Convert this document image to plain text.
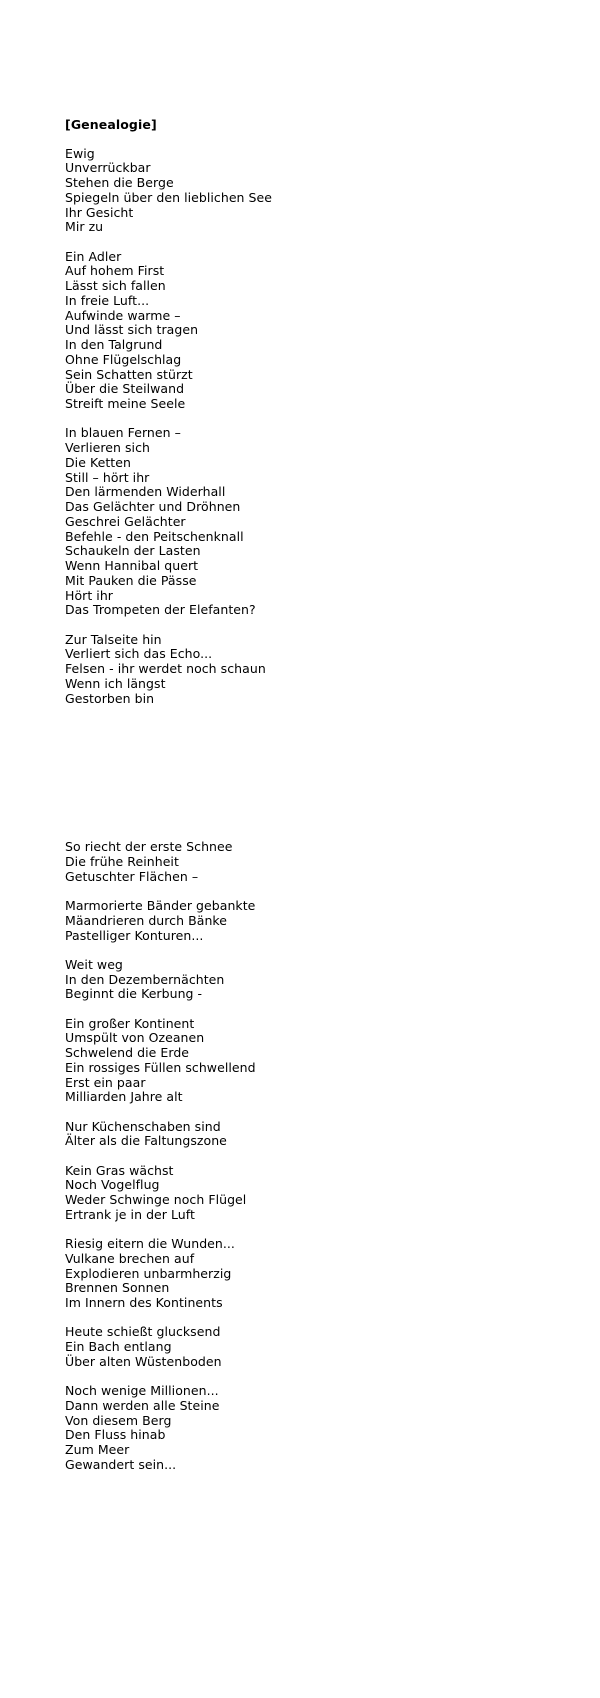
[Genealogie]
Ewig
Unverrückbar
Stehen die Berge
Spiegeln über den lieblichen See
Ihr Gesicht
Mir zu
Ein Adler
Auf hohem First
Lässt sich fallen
In freie Luft...
Aufwinde warme –
Und lässt sich tragen
In den Talgrund
Ohne Flügelschlag
Sein Schatten stürzt
Über die Steilwand
Streift meine Seele
In blauen Fernen –
Verlieren sich
Die Ketten
Still – hört ihr
Den lärmenden Widerhall
Das Gelächter und Dröhnen
Geschrei Gelächter
Befehle - den Peitschenknall
Schaukeln der Lasten
Wenn Hannibal quert
Mit Pauken die Pässe
Hört ihr
Das Trompeten der Elefanten?
Zur Talseite hin
Verliert sich das Echo...
Felsen - ihr werdet noch schaun
Wenn ich längst
Gestorben bin
So riecht der erste Schnee
Die frühe Reinheit
Getuschter Flächen –
Marmorierte Bänder gebankte
Mäandrieren durch Bänke
Pastelliger Konturen...
Weit weg
In den Dezembernächten
Beginnt die Kerbung -
Ein großer Kontinent
Umspült von Ozeanen
Schwelend die Erde
Ein rossiges Füllen schwellend
Erst ein paar
Milliarden Jahre alt
Nur Küchenschaben sind
Älter als die Faltungszone
Kein Gras wächst
Noch Vogelflug
Weder Schwinge noch Flügel
Ertrank je in der Luft
Riesig eitern die Wunden...
Vulkane brechen auf
Explodieren unbarmherzig
Brennen Sonnen
Im Innern des Kontinents
Heute schießt glucksend
Ein Bach entlang
Über alten Wüstenboden
Noch wenige Millionen...
Dann werden alle Steine
Von diesem Berg
Den Fluss hinab
Zum Meer
Gewandert sein...
